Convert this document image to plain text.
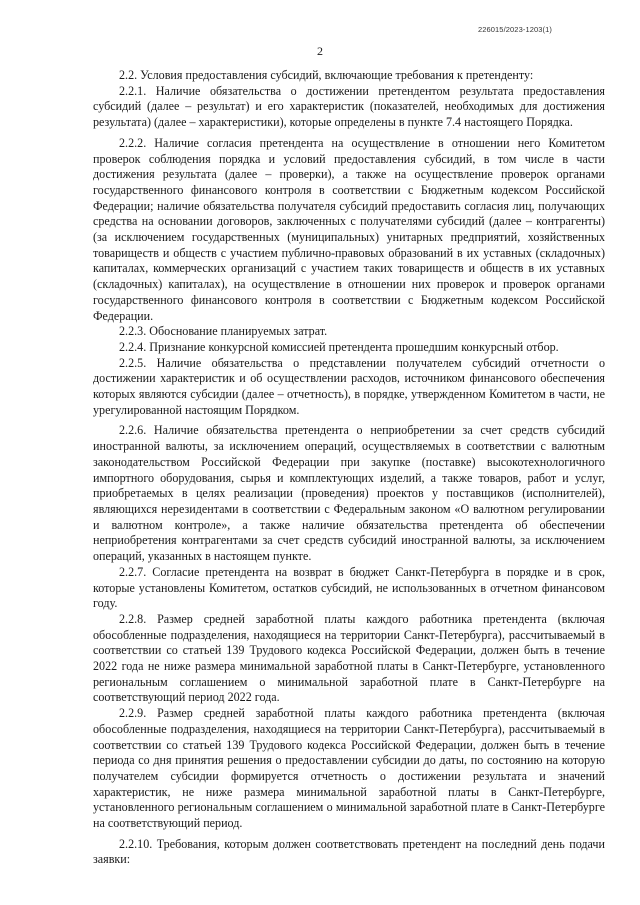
226015/2023-1203(1)
2

2.2. Условия предоставления субсидий, включающие требования к претенденту:

2.2.1. Наличие обязательства о достижении претендентом результата предоставления субсидий (далее – результат) и его характеристик (показателей, необходимых для достижения результата) (далее – характеристики), которые определены в пункте 7.4 настоящего Порядка.

2.2.2. Наличие согласия претендента на осуществление в отношении него Комитетом проверок соблюдения порядка и условий предоставления субсидий, в том числе в части достижения результата (далее – проверки), а также на осуществление проверок органами государственного финансового контроля в соответствии с Бюджетным кодексом Российской Федерации; наличие обязательства получателя субсидий предоставить согласия лиц, получающих средства на основании договоров, заключенных с получателями субсидий (далее – контрагенты) (за исключением государственных (муниципальных) унитарных предприятий, хозяйственных товариществ и обществ с участием публично-правовых образований в их уставных (складочных) капиталах, коммерческих организаций с участием таких товариществ и обществ в их уставных (складочных) капиталах), на осуществление в отношении них проверок и проверок органами государственного финансового контроля в соответствии с Бюджетным кодексом Российской Федерации.

2.2.3. Обоснование планируемых затрат.

2.2.4. Признание конкурсной комиссией претендента прошедшим конкурсный отбор.

2.2.5. Наличие обязательства о представлении получателем субсидий отчетности о достижении характеристик и об осуществлении расходов, источником финансового обеспечения которых являются субсидии (далее – отчетность), в порядке, утвержденном Комитетом в части, не урегулированной настоящим Порядком.

2.2.6. Наличие обязательства претендента о неприобретении за счет средств субсидий иностранной валюты, за исключением операций, осуществляемых в соответствии с валютным законодательством Российской Федерации при закупке (поставке) высокотехнологичного импортного оборудования, сырья и комплектующих изделий, а также товаров, работ и услуг, приобретаемых в целях реализации (проведения) проектов у поставщиков (исполнителей), являющихся нерезидентами в соответствии с Федеральным законом «О валютном регулировании и валютном контроле», а также наличие обязательства претендента об обеспечении неприобретения контрагентами за счет средств субсидий иностранной валюты, за исключением операций, указанных в настоящем пункте.

2.2.7. Согласие претендента на возврат в бюджет Санкт-Петербурга в порядке и в срок, которые установлены Комитетом, остатков субсидий, не использованных в отчетном финансовом году.

2.2.8. Размер средней заработной платы каждого работника претендента (включая обособленные подразделения, находящиеся на территории Санкт-Петербурга), рассчитываемый в соответствии со статьей 139 Трудового кодекса Российской Федерации, должен быть в течение 2022 года не ниже размера минимальной заработной платы в Санкт-Петербурге, установленного региональным соглашением о минимальной заработной плате в Санкт-Петербурге на соответствующий период 2022 года.

2.2.9. Размер средней заработной платы каждого работника претендента (включая обособленные подразделения, находящиеся на территории Санкт-Петербурга), рассчитываемый в соответствии со статьей 139 Трудового кодекса Российской Федерации, должен быть в течение периода со дня принятия решения о предоставлении субсидии до даты, по состоянию на которую получателем субсидии формируется отчетность о достижении результата и значений характеристик, не ниже размера минимальной заработной платы в Санкт-Петербурге, установленного региональным соглашением о минимальной заработной плате в Санкт-Петербурге на соответствующий период.

2.2.10. Требования, которым должен соответствовать претендент на последний день подачи заявки:
